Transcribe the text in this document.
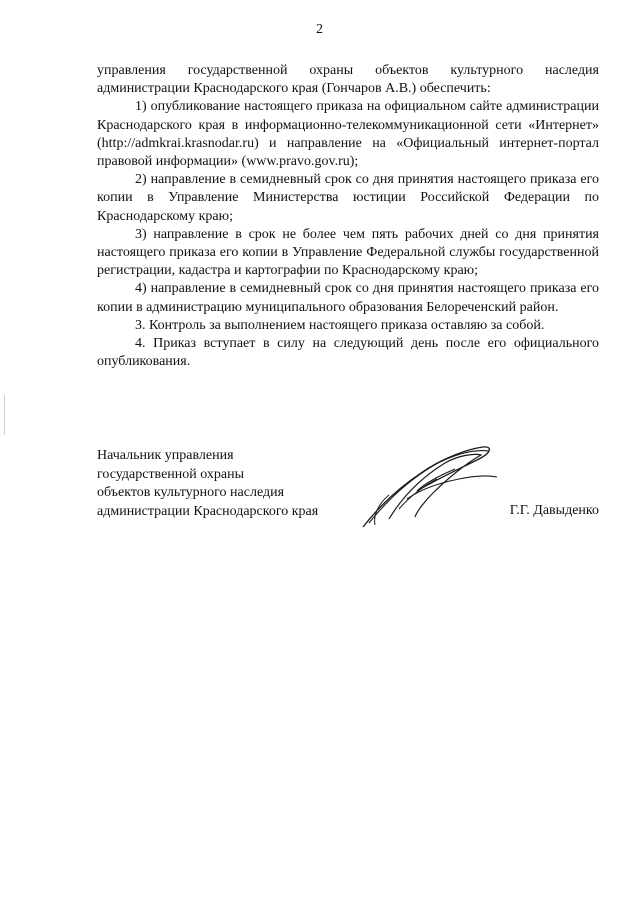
2

управления государственной охраны объектов культурного наследия администрации Краснодарского края (Гончаров А.В.) обеспечить:

1) опубликование настоящего приказа на официальном сайте администрации Краснодарского края в информационно-телекоммуникационной сети «Интернет» (http://admkrai.krasnodar.ru) и направление на «Официальный интернет-портал правовой информации» (www.pravo.gov.ru);

2) направление в семидневный срок со дня принятия настоящего приказа его копии в Управление Министерства юстиции Российской Федерации по Краснодарскому краю;

3) направление в срок не более чем пять рабочих дней со дня принятия настоящего приказа его копии в Управление Федеральной службы государственной регистрации, кадастра и картографии по Краснодарскому краю;

4) направление в семидневный срок со дня принятия настоящего приказа его копии в администрацию муниципального образования Белореченский район.

3. Контроль за выполнением настоящего приказа оставляю за собой.

4. Приказ вступает в силу на следующий день после его официального опубликования.

Начальник управления
государственной охраны
объектов культурного наследия
администрации Краснодарского края	Г.Г. Давыденко
